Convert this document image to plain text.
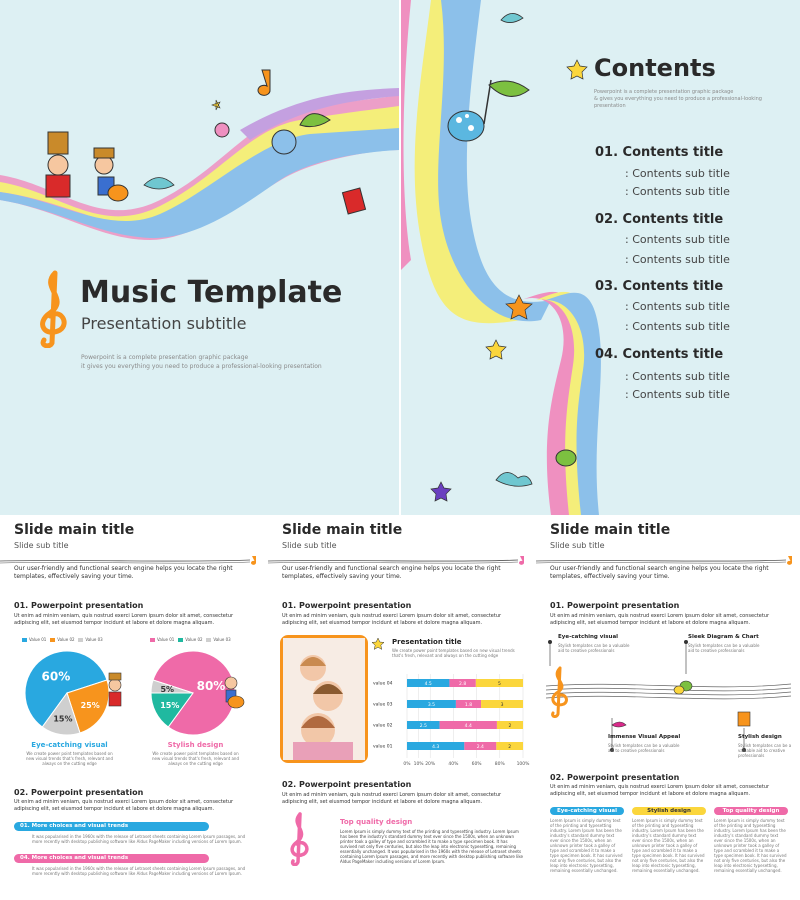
Music Template
Presentation subtitle
Powerpoint is a complete presentation graphic package
it gives you everything you need to produce a professional-looking presentation
Contents
Powerpoint is a complete presentation graphic package
& gives you everything you need to produce a professional-looking presentation
01. Contents title
: Contents sub title
: Contents sub title
02. Contents title
: Contents sub title
: Contents sub title
03. Contents title
: Contents sub title
: Contents sub title
04. Contents title
: Contents sub title
: Contents sub title
Slide main title
Slide sub title
Our user-friendly and functional search engine helps you locate the right templates, effectively saving your time.
01. Powerpoint presentation
Ut enim ad minim veniam, quis nostrud exerci Lorem ipsum dolor sit amet, consectetur adipiscing elit, set eiusmod tempor incidunt et labore et dolore magna aliquam.
Value 01	Value 02	Value 03	Value 01	Value 02	Value 03
60%
25%
15%
80%
15%
5%
Eye-catching visual
We create power point templates based on new visual trends that's fresh, relevant and always on the cutting edge
Stylish design
We create power point templates based on new visual trends that's fresh, relevant and always on the cutting edge
02. Powerpoint presentation
Ut enim ad minim veniam, quis nostrud exerci Lorem ipsum dolor sit amet, consectetur adipiscing elit, set eiusmod tempor incidunt et labore et dolore magna aliquam.
01. More choices and visual trends
It was popularised in the 1960s with the release of Letraset sheets containing Lorem Ipsum passages, and more recently with desktop publishing software like Aldus PageMaker including versions of Lorem Ipsum.
04. More choices and visual trends
It was popularised in the 1960s with the release of Letraset sheets containing Lorem Ipsum passages, and more recently with desktop publishing software like Aldus PageMaker including versions of Lorem Ipsum.
Slide main title
Slide sub title
Our user-friendly and functional search engine helps you locate the right templates, effectively saving your time.
01. Powerpoint presentation
Ut enim ad minim veniam, quis nostrud exerci Lorem ipsum dolor sit amet, consectetur adipiscing elit, set eiusmod tempor incidunt et labore et dolore magna aliquam.
Presentation title
We create power point templates based on new visual trends that's fresh, relevant and always on the cutting edge
0% 10% 20%	40%	60%	80%	100%
value 04	4.5	2.8	5
value 03	3.5	1.8	3
value 02	2.5	4.4	2
value 01	4.3	2.4	2
02. Powerpoint presentation
Ut enim ad minim veniam, quis nostrud exerci Lorem ipsum dolor sit amet, consectetur adipiscing elit, set eiusmod tempor incidunt et labore et dolore magna aliquam.
Top quality design
Lorem Ipsum is simply dummy text of the printing and typesetting industry. Lorem Ipsum has been the industry's standard dummy text ever since the 1500s, when an unknown printer took a galley of type and scrambled it to make a type specimen book. It has survived not only five centuries, but also the leap into electronic typesetting, remaining essentially unchanged. It was popularised in the 1960s with the release of Letraset sheets containing Lorem Ipsum passages, and more recently with desktop publishing software like Aldus PageMaker including versions of Lorem Ipsum.
Slide main title
Slide sub title
Our user-friendly and functional search engine helps you locate the right templates, effectively saving your time.
01. Powerpoint presentation
Ut enim ad minim veniam, quis nostrud exerci Lorem ipsum dolor sit amet, consectetur adipiscing elit, set eiusmod tempor incidunt et labore et dolore magna aliquam.
Eye-catching visual
Stylish templates can be a valuable aid to creative professionals
Sleek Diagram & Chart
Stylish templates can be a valuable aid to creative professionals
Immense Visual Appeal
Stylish templates can be a valuable aid to creative professionals
Stylish design
Stylish templates can be a valuable aid to creative professionals
02. Powerpoint presentation
Ut enim ad minim veniam, quis nostrud exerci Lorem ipsum dolor sit amet, consectetur adipiscing elit, set eiusmod tempor incidunt et labore et dolore magna aliquam.
Eye-catching visual	Stylish design	Top quality design
Lorem Ipsum is simply dummy text of the printing and typesetting industry. Lorem Ipsum has been the industry's standard dummy text ever since the 1500s, when an unknown printer took a galley of type and scrambled it to make a type specimen book. It has survived not only five centuries, but also the leap into electronic typesetting, remaining essentially unchanged.
Lorem Ipsum is simply dummy text of the printing and typesetting industry. Lorem Ipsum has been the industry's standard dummy text ever since the 1500s, when an unknown printer took a galley of type and scrambled it to make a type specimen book. It has survived not only five centuries, but also the leap into electronic typesetting, remaining essentially unchanged.
Lorem Ipsum is simply dummy text of the printing and typesetting industry. Lorem Ipsum has been the industry's standard dummy text ever since the 1500s, when an unknown printer took a galley of type and scrambled it to make a type specimen book. It has survived not only five centuries, but also the leap into electronic typesetting, remaining essentially unchanged.
